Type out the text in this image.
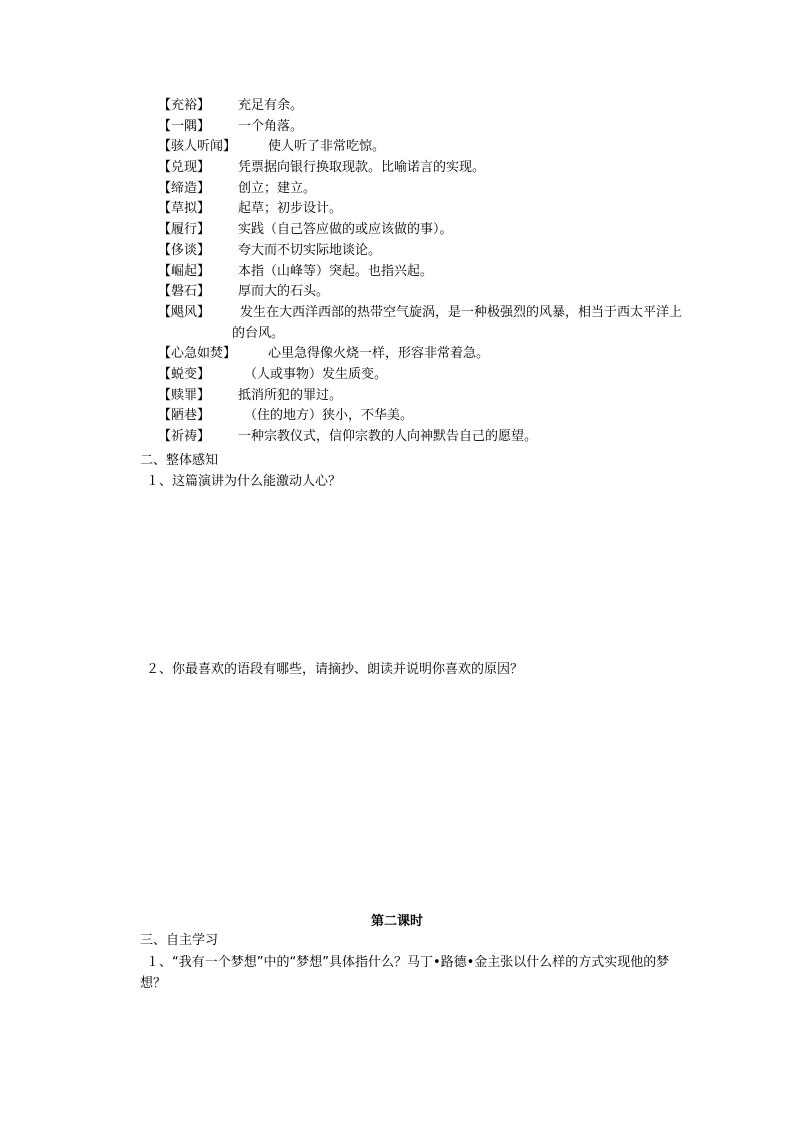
【充裕】 充足有余。
【一隅】 一个角落。
【骇人听闻】 使人听了非常吃惊。
【兑现】 凭票据向银行换取现款。比喻诺言的实现。
【缔造】 创立；建立。
【草拟】 起草；初步设计。
【履行】 实践（自己答应做的或应该做的事）。
【侈谈】 夸大而不切实际地谈论。
【崛起】 本指（山峰等）突起。也指兴起。
【磐石】 厚而大的石头。
【飓风】	发生在大西洋西部的热带空气旋涡，是一种极强烈的风暴，相当于西太平洋上的台风。
【心急如焚】 心里急得像火烧一样，形容非常着急。
【蜕变】	（人或事物）发生质变。
【赎罪】 抵消所犯的罪过。
【陋巷】	（住的地方）狭小，不华美。
【祈祷】 一种宗教仪式，信仰宗教的人向神默告自己的愿望。
二、整体感知
１、这篇演讲为什么能激动人心？
２、你最喜欢的语段有哪些，请摘抄、朗读并说明你喜欢的原因？
第二课时
三、自主学习
１、“我有一个梦想”中的“梦想”具体指什么？马丁•路德•金主张以什么样的方式实现他的梦想？
